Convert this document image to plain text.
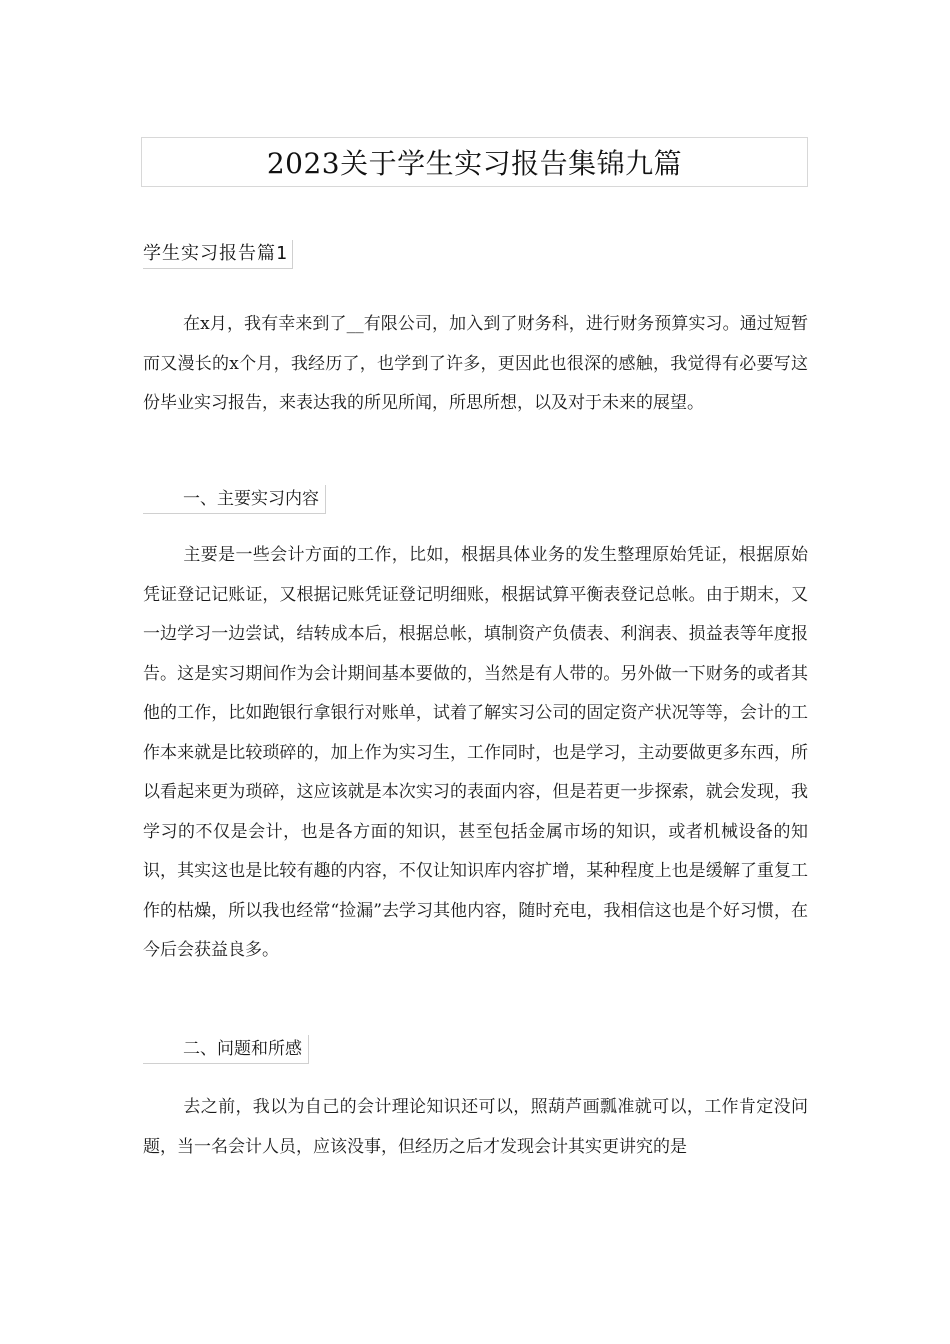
2023关于学生实习报告集锦九篇
学生实习报告篇1
在x月，我有幸来到了__有限公司，加入到了财务科，进行财务预算实习。通过短暂而又漫长的x个月，我经历了，也学到了许多，更因此也很深的感触，我觉得有必要写这份毕业实习报告，来表达我的所见所闻，所思所想，以及对于未来的展望。
一、主要实习内容
主要是一些会计方面的工作，比如，根据具体业务的发生整理原始凭证，根据原始凭证登记记账证，又根据记账凭证登记明细账，根据试算平衡表登记总帐。由于期末，又一边学习一边尝试，结转成本后，根据总帐，填制资产负债表、利润表、损益表等年度报告。这是实习期间作为会计期间基本要做的，当然是有人带的。另外做一下财务的或者其他的工作，比如跑银行拿银行对账单，试着了解实习公司的固定资产状况等等，会计的工作本来就是比较琐碎的，加上作为实习生，工作同时，也是学习，主动要做更多东西，所以看起来更为琐碎，这应该就是本次实习的表面内容，但是若更一步探索，就会发现，我学习的不仅是会计，也是各方面的知识，甚至包括金属市场的知识，或者机械设备的知识，其实这也是比较有趣的内容，不仅让知识库内容扩增，某种程度上也是缓解了重复工作的枯燥，所以我也经常“捡漏”去学习其他内容，随时充电，我相信这也是个好习惯，在今后会获益良多。
二、问题和所感
去之前，我以为自己的会计理论知识还可以，照葫芦画瓢准就可以，工作肯定没问题，当一名会计人员，应该没事，但经历之后才发现会计其实更讲究的是
